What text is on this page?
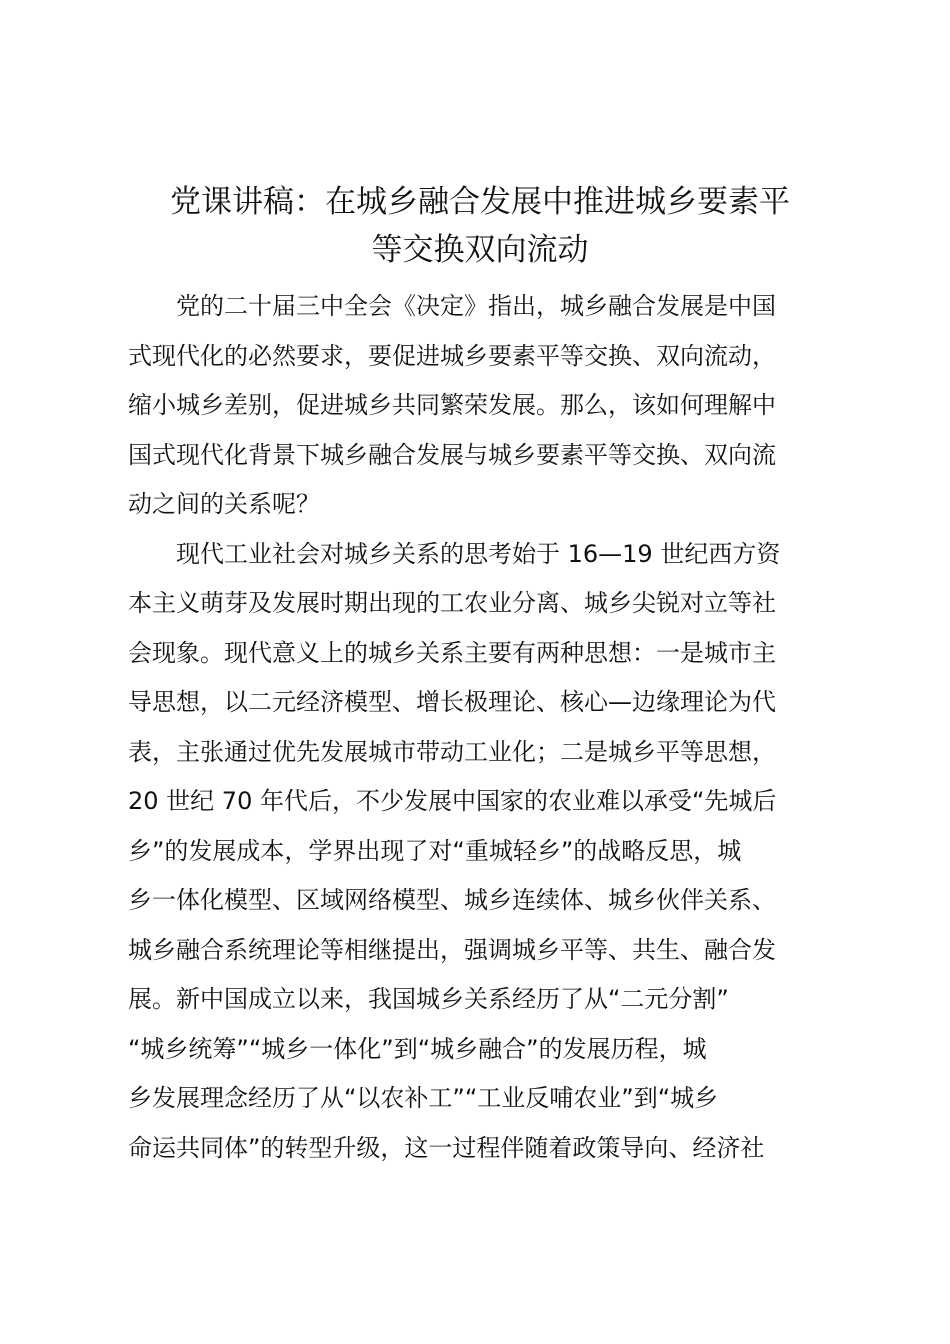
党课讲稿：在城乡融合发展中推进城乡要素平
等交换双向流动

党的二十届三中全会《决定》指出，城乡融合发展是中国
式现代化的必然要求，要促进城乡要素平等交换、双向流动，
缩小城乡差别，促进城乡共同繁荣发展。那么，该如何理解中
国式现代化背景下城乡融合发展与城乡要素平等交换、双向流
动之间的关系呢？

现代工业社会对城乡关系的思考始于 16—19 世纪西方资
本主义萌芽及发展时期出现的工农业分离、城乡尖锐对立等社
会现象。现代意义上的城乡关系主要有两种思想：一是城市主
导思想，以二元经济模型、增长极理论、核心—边缘理论为代
表，主张通过优先发展城市带动工业化；二是城乡平等思想，
20 世纪 70 年代后，不少发展中国家的农业难以承受“先城后
乡”的发展成本，学界出现了对“重城轻乡”的战略反思，城
乡一体化模型、区域网络模型、城乡连续体、城乡伙伴关系、
城乡融合系统理论等相继提出，强调城乡平等、共生、融合发
展。新中国成立以来，我国城乡关系经历了从“二元分割”
“城乡统筹”“城乡一体化”到“城乡融合”的发展历程，城
乡发展理念经历了从“以农补工”“工业反哺农业”到“城乡
命运共同体”的转型升级，这一过程伴随着政策导向、经济社
